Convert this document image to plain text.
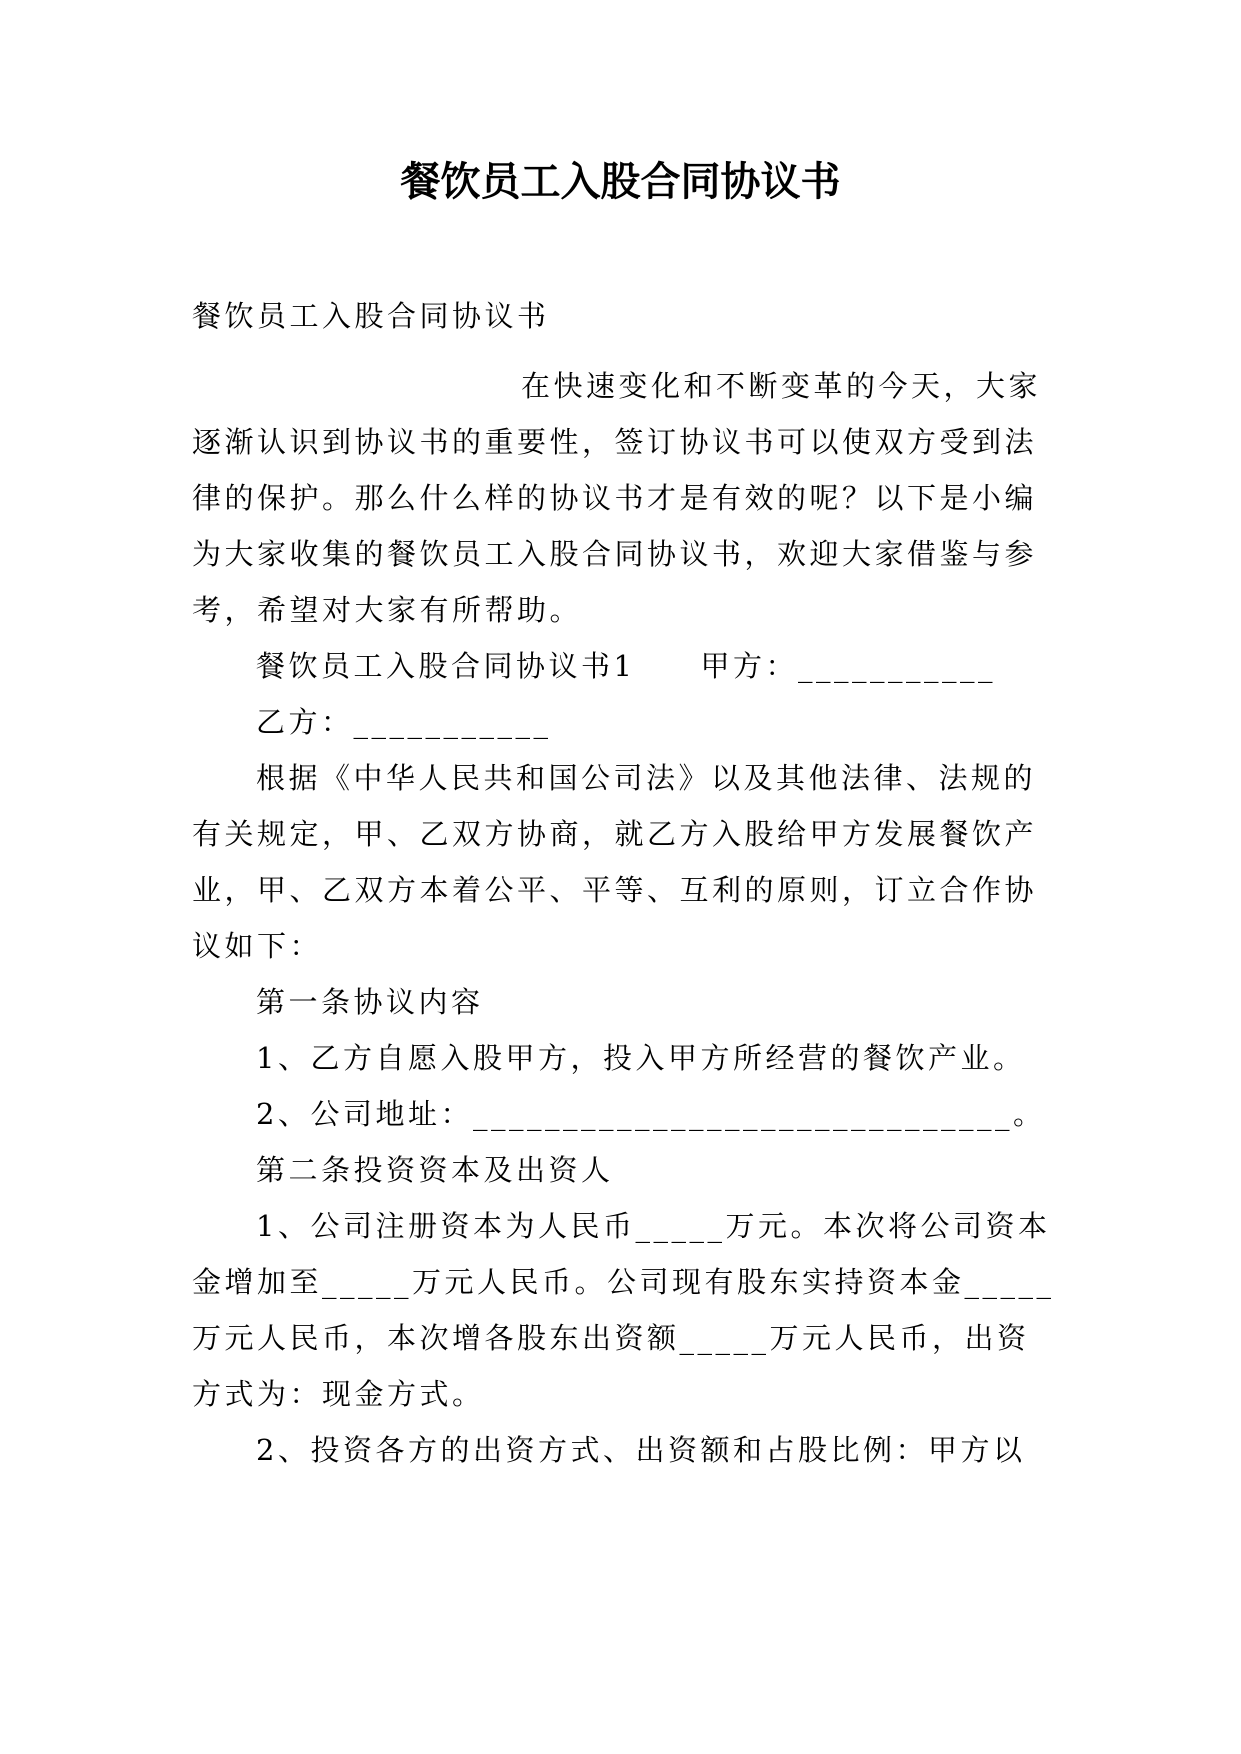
餐饮员工入股合同协议书
餐饮员工入股合同协议书
在快速变化和不断变革的今天，大家
逐渐认识到协议书的重要性，签订协议书可以使双方受到法
律的保护。那么什么样的协议书才是有效的呢？以下是小编
为大家收集的餐饮员工入股合同协议书，欢迎大家借鉴与参
考，希望对大家有所帮助。
餐饮员工入股合同协议书1　　甲方：___________
乙方：___________
根据《中华人民共和国公司法》以及其他法律、法规的
有关规定，甲、乙双方协商，就乙方入股给甲方发展餐饮产
业，甲、乙双方本着公平、平等、互利的原则，订立合作协
议如下：
第一条协议内容
1、乙方自愿入股甲方，投入甲方所经营的餐饮产业。
2、公司地址：______________________________。
第二条投资资本及出资人
1、公司注册资本为人民币_____万元。本次将公司资本
金增加至_____万元人民币。公司现有股东实持资本金_____
万元人民币，本次增各股东出资额_____万元人民币，出资
方式为：现金方式。
2、投资各方的出资方式、出资额和占股比例：甲方以
